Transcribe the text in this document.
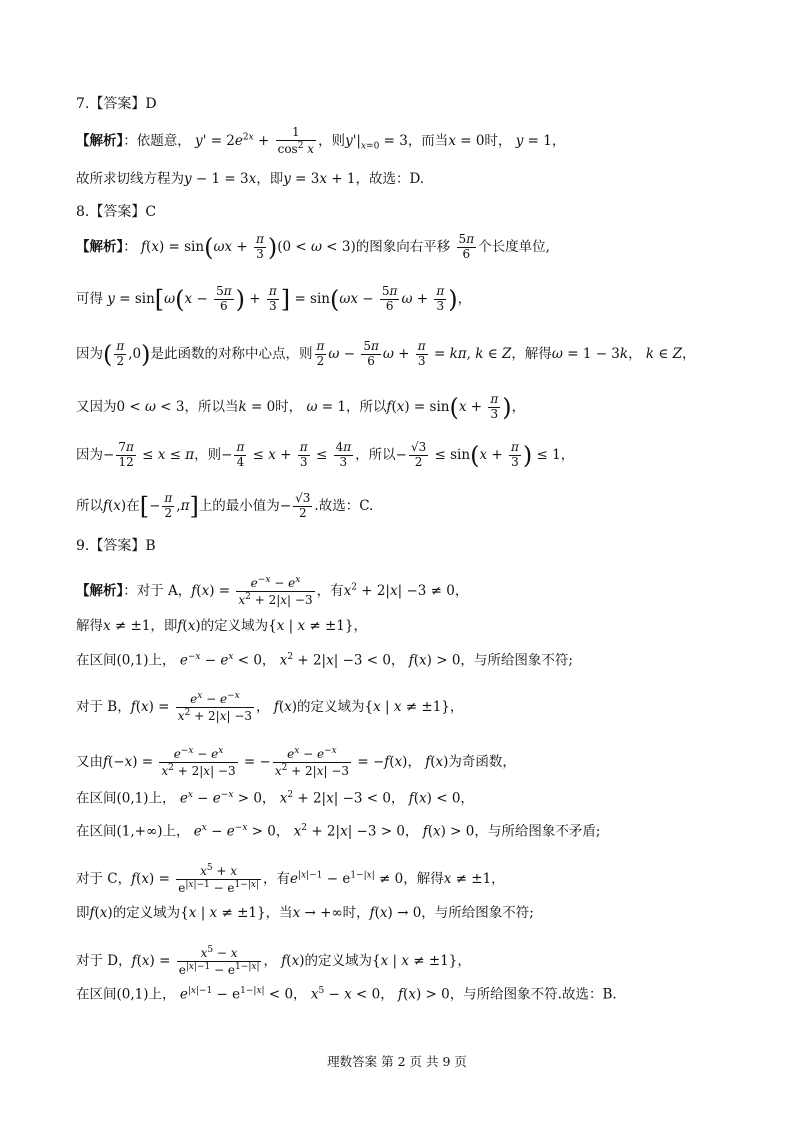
7.【答案】D
【解析】：依题意， $y' = 2e^{2x} + \frac{1}{\cos^2 x}$ ，则$y'|_{x=0} = 3$，而当x = 0时， y = 1，
故所求切线方程为y − 1 = 3x，即y = 3x + 1，故选：D.
8.【答案】C
【解析】： $f(x) = \sin(\omega x + \frac{\pi}{3} )(0 < \omega < 3)$的图象向右平移 $\frac{5\pi}{6}$ 个长度单位,
可得 $y = \sin[\omega(x - \frac{5\pi}{6}$ ) + $\frac{\pi}{3}$ ] = $\sin(\omega x - \frac{5\pi}{6}$ $\omega + \frac{\pi}{3}$ )，
因为( $\frac{\pi}{2} ,0$)是此函数的对称中心点，则 $\frac{\pi}{2}$ $\omega - \frac{5\pi}{6}$ $\omega + \frac{\pi}{3} = k\pi$, k ∈ Z，解得ω = 1 − 3k， k ∈ Z，
又因为0 < ω < 3，所以当k = 0时， ω = 1，所以$f(x) = \sin(x + \frac{\pi}{3}$ )，
因为− $\frac{7\pi}{12} \le x \le \pi$，则− $\frac{\pi}{4} \le x + \frac{\pi}{3} \le \frac{4\pi}{3}$ ，所以− $\frac{√3}{2} \le \sin(x + \frac{\pi}{3}$ ) ≤ 1，
所以f(x)在[− $\frac{\pi}{2} ,\pi$]上的最小值为− $\frac{√3}{2}$ .故选：C.
9.【答案】B
【解析】：对于 A，$f(x) = \frac{e^{-x} - e^x}{x^2 + 2|x| -3}$ ，有$x^2 + 2|x| -3 \ne 0$，
解得x ≠ ±1，即f(x)的定义域为{x | x ≠ ±1}，
在区间(0,1)上， $e^{-x} - e^x < 0$， $x^2 + 2|x| -3 < 0$， f(x) > 0，与所给图象不符;
对于 B，$f(x) = \frac{e^x - e^{-x}}{x^2 + 2|x| -3}$ ， f(x)的定义域为{x | x ≠ ±1}，
又由$f(-x) = \frac{e^{-x} - e^x}{x^2 + 2|x| -3}$ = − $\frac{e^x - e^{-x}}{x^2 + 2|x| -3} = -f(x)$， f(x)为奇函数，
在区间(0,1)上， $e^x - e^{-x} > 0$， $x^2 + 2|x| -3 < 0$， f(x) < 0，
在区间(1,+∞)上， $e^x - e^{-x} > 0$， $x^2 + 2|x| -3 > 0$， f(x) > 0，与所给图象不矛盾;
对于 C，$f(x) = \frac{x^5 + x}{e^{|x|-1} - e^{1-|x|}}$ ，有$e^{|x|-1} - e^{1-|x|} \ne 0$，解得x ≠ ±1，
即f(x)的定义域为{x | x ≠ ±1}，当x → +∞时，f(x) → 0，与所给图象不符;
对于 D，$f(x) = \frac{x^5 - x}{e^{|x|-1} - e^{1-|x|}}$ ， f(x)的定义域为{x | x ≠ ±1}，
在区间(0,1)上， $e^{|x|-1} - e^{1-|x|} < 0$， $x^5 - x < 0$， f(x) > 0，与所给图象不符.故选：B.
理数答案 第 2 页 共 9 页
